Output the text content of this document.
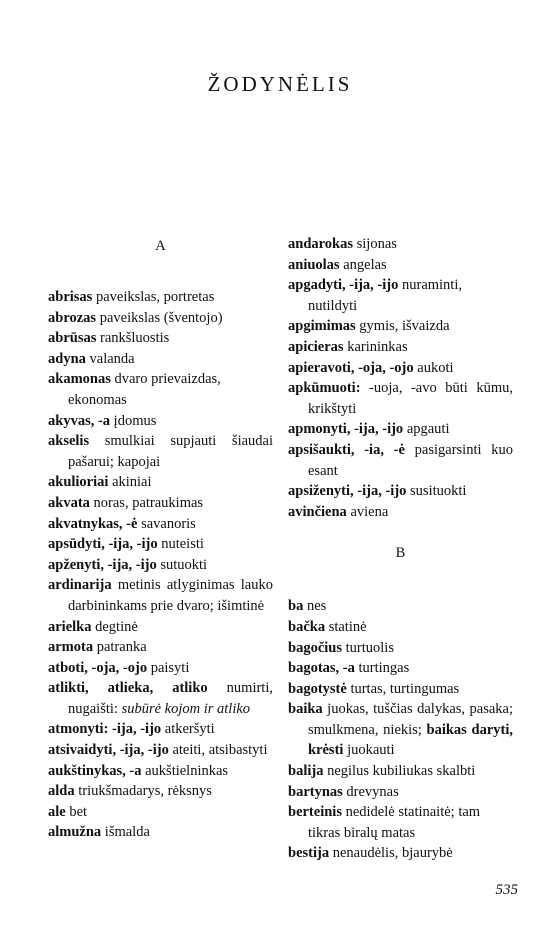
ŽODYNĖLIS
A
abrisas paveikslas, portretas
abrozas paveikslas (šventojo)
abrūsas rankšluostis
adyna valanda
akamonas dvaro prievaizdas, ekonomas
akyvas, -a įdomus
akselis smulkiai supjauti šiaudai pašarui; kapojai
akulioriai akiniai
akvata noras, patraukimas
akvatnykas, -ė savanoris
apsūdyti, -ija, -ijo nuteisti
apženyti, -ija, -ijo sutuokti
ardinarija metinis atlyginimas lauko darbininkams prie dvaro; išimtinė
arielka degtinė
armota patranka
atboti, -oja, -ojo paisyti
atlikti, atlieka, atliko numirti, nugaišti: subūrė kojom ir atliko
atmonyti: -ija, -ijo atkeršyti
atsivaidyti, -ija, -ijo ateiti, atsibastyti
aukštinykas, -a aukštielninkas
alda triukšmadarys, rėksnys
ale bet
almužna išmalda
andarokas sijonas
aniuolas angelas
apgadyti, -ija, -ijo nuraminti, nutildyti
apgimimas gymis, išvaizda
apicieras karininkas
apieravoti, -oja, -ojo aukoti
apkūmuoti: -uoja, -avo būti kūmu, krikštyti
apmonyti, -ija, -ijo apgauti
apsišaukti, -ia, -ė pasigarsinti kuo esant
apsiženyti, -ija, -ijo susituokti
avinčiena aviena
B
ba nes
bačka statinė
bagočius turtuolis
bagotas, -a turtingas
bagotystė turtas, turtingumas
baika juokas, tuščias dalykas, pasaka; smulkmena, niekis; baikas daryti, krėsti juokauti
balija negilus kubiliukas skalbti
bartynas drevynas
berteinis nedidelė statinaitė; tam tikras biralų matas
bestija nenaudėlis, bjaurybė
535
